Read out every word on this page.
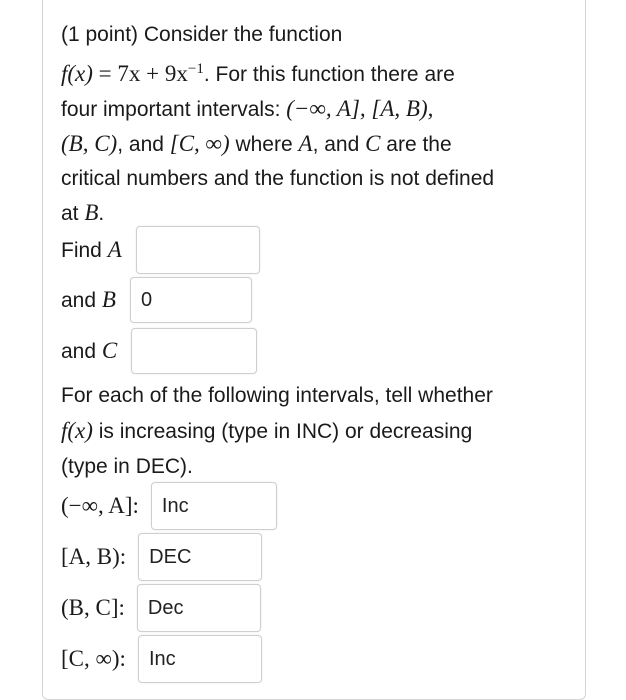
(1 point) Consider the function

$f(x) = 7x + 9x^{-1}$. For this function there are

four important intervals: (−∞, A], [A, B),

(B, C), and [C, ∞) where A, and C are the

critical numbers and the function is not defined

at B.

Find A
and B
0
and C

For each of the following intervals, tell whether

f(x) is increasing (type in INC) or decreasing

(type in DEC).

(−∞, A]:
Inc
[A, B):
DEC
(B, C]:
Dec
[C, ∞):
Inc
